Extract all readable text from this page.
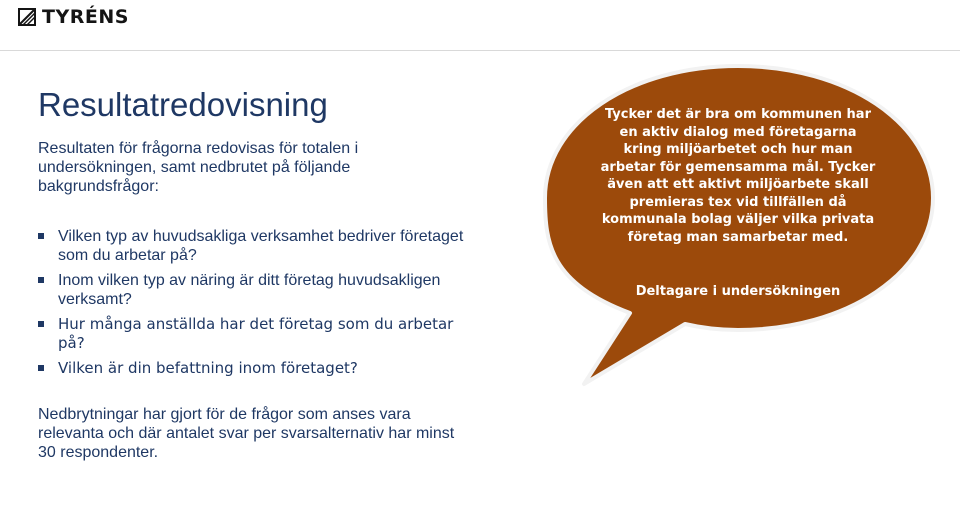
TYRÉNS
Resultatredovisning

Resultaten för frågorna redovisas för totalen i undersökningen, samt nedbrutet på följande bakgrundsfrågor:

Vilken typ av huvudsakliga verksamhet bedriver företaget som du arbetar på?
Inom vilken typ av näring är ditt företag huvudsakligen verksamt?
Hur många anställda har det företag som du arbetar på?
Vilken är din befattning inom företaget?

Nedbrytningar har gjort för de frågor som anses vara relevanta och där antalet svar per svarsalternativ har minst 30 respondenter.

Tycker det är bra om kommunen har en aktiv dialog med företagarna kring miljöarbetet och hur man arbetar för gemensamma mål. Tycker även att ett aktivt miljöarbete skall premieras tex vid tillfällen då kommunala bolag väljer vilka privata företag man samarbetar med.
Deltagare i undersökningen
